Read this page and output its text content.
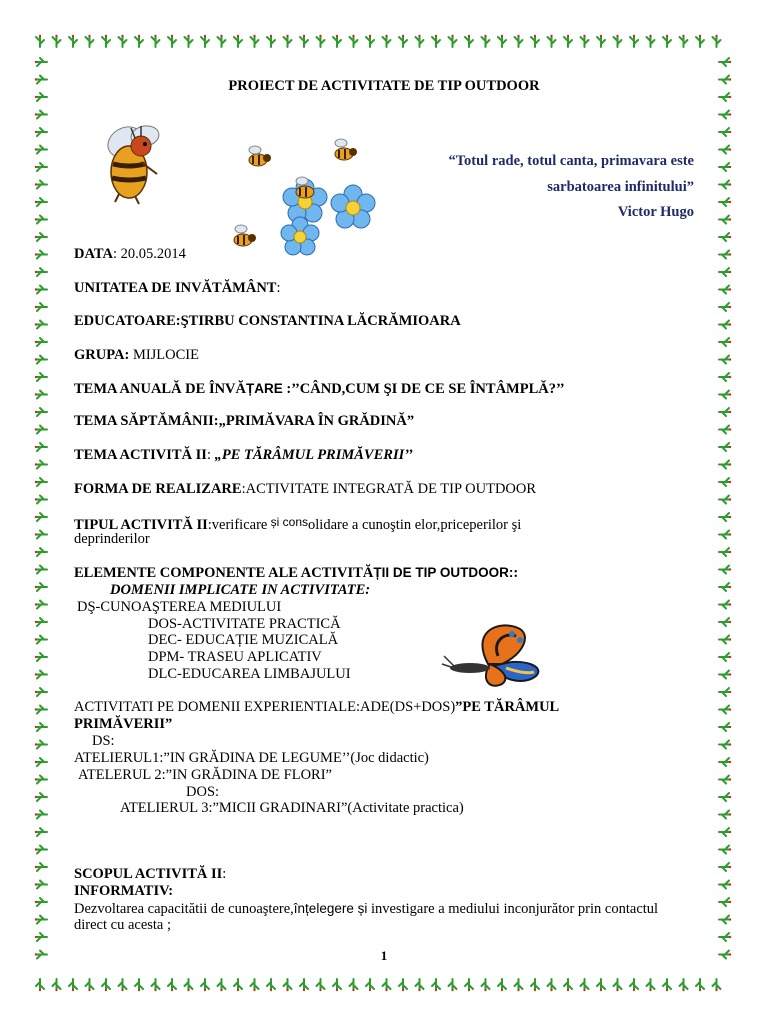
PROIECT DE ACTIVITATE DE TIP OUTDOOR
“Totul rade, totul canta, primavara este
sarbatoarea infinitului”
Victor Hugo
DATA: 20.05.2014
UNITATEA DE INVĂTĂMÂNT:
EDUCATOARE:ŞTIRBU CONSTANTINA LĂCRĂMIOARA
GRUPA: MIJLOCIE
TEMA ANUALĂ DE ÎNVĂȚARE :’’CÂND,CUM ŞI DE CE SE ÎNTÂMPLĂ?’’
TEMA SĂPTĂMÂNII:„PRIMĂVARA ÎN GRĂDINĂ”
TEMA ACTIVITĂ II: „PE TĂRÂMUL PRIMĂVERII’’
FORMA DE REALIZARE:ACTIVITATE INTEGRATĂ DE TIP OUTDOOR
TIPUL ACTIVITĂ II:verificare $^{și cons}$olidare a cunoştin elor,priceperilor şi
deprinderilor
ELEMENTE COMPONENTE ALE ACTIVITĂȚII DE TIP OUTDOOR::
DOMENII IMPLICATE IN ACTIVITATE:
DŞ-CUNOAŞTEREA MEDIULUI
DOS-ACTIVITATE PRACTICĂ
DEC- EDUCAȚIE MUZICALĂ
DPM- TRASEU APLICATIV
DLC-EDUCAREA LIMBAJULUI
ACTIVITATI PE DOMENII EXPERIENTIALE:ADE(DS+DOS)”PE TĂRÂMUL
PRIMĂVERII”
DS:
ATELIERUL1:”IN GRĂDINA DE LEGUME’’(Joc didactic)
ATELERUL 2:”IN GRĂDINA DE FLORI”
DOS:
ATELIERUL 3:”MICII GRADINARI”(Activitate practica)
SCOPUL ACTIVITĂ II:
INFORMATIV:
Dezvoltarea capacitătii de cunoaştere,înțelegere și investigare a mediului inconjurător prin contactul
direct cu acesta ;
1
